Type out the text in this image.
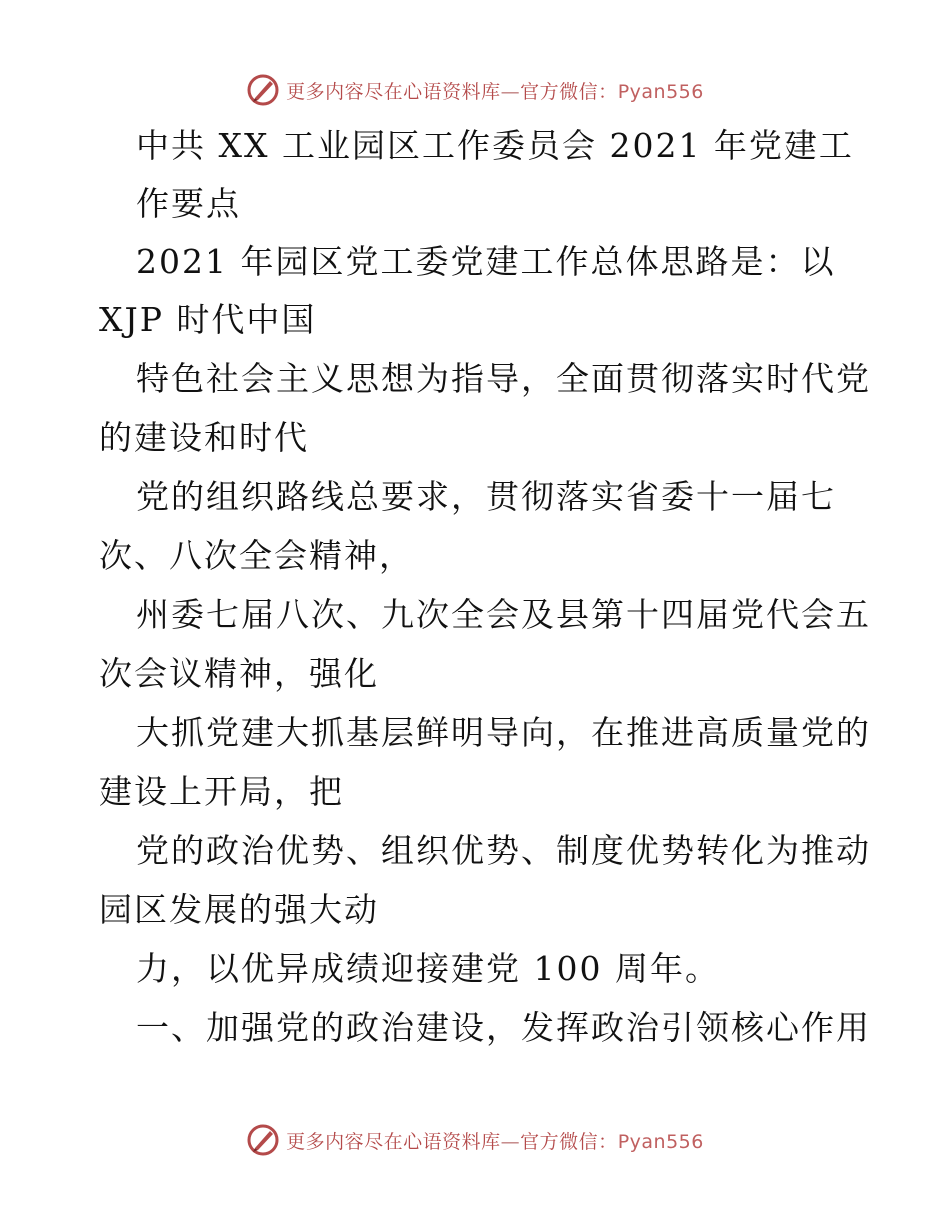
更多内容尽在心语资料库—官方微信：Pyan556
中共 XX 工业园区工作委员会 2021 年党建工
作要点
2021 年园区党工委党建工作总体思路是：以
XJP 时代中国
特色社会主义思想为指导，全面贯彻落实时代党
的建设和时代
党的组织路线总要求，贯彻落实省委十一届七
次、八次全会精神，
州委七届八次、九次全会及县第十四届党代会五
次会议精神，强化
大抓党建大抓基层鲜明导向，在推进高质量党的
建设上开局，把
党的政治优势、组织优势、制度优势转化为推动
园区发展的强大动
力，以优异成绩迎接建党 100 周年。
一、加强党的政治建设，发挥政治引领核心作用
更多内容尽在心语资料库—官方微信：Pyan556
